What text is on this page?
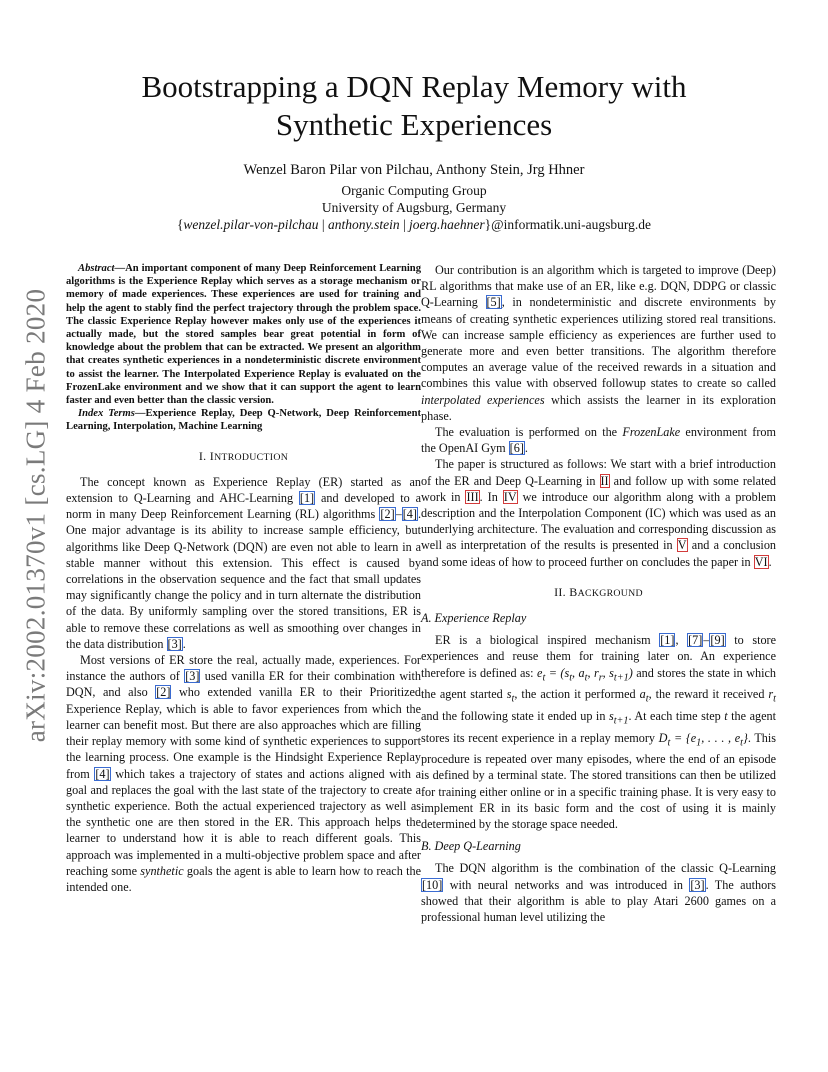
arXiv:2002.01370v1 [cs.LG] 4 Feb 2020
Bootstrapping a DQN Replay Memory with
Synthetic Experiences
Wenzel Baron Pilar von Pilchau, Anthony Stein, Jrg Hhner
Organic Computing Group
University of Augsburg, Germany
{wenzel.pilar-von-pilchau | anthony.stein | joerg.haehner}@informatik.uni-augsburg.de

Abstract—An important component of many Deep Reinforcement Learning algorithms is the Experience Replay which serves as a storage mechanism or memory of made experiences. These experiences are used for training and help the agent to stably find the perfect trajectory through the problem space. The classic Experience Replay however makes only use of the experiences it actually made, but the stored samples bear great potential in form of knowledge about the problem that can be extracted. We present an algorithm that creates synthetic experiences in a nondeterministic discrete environment to assist the learner. The Interpolated Experience Replay is evaluated on the FrozenLake environment and we show that it can support the agent to learn faster and even better than the classic version.

Index Terms—Experience Replay, Deep Q-Network, Deep Reinforcement Learning, Interpolation, Machine Learning

I. INTRODUCTION

The concept known as Experience Replay (ER) started as an extension to Q-Learning and AHC-Learning [1] and developed to a norm in many Deep Reinforcement Learning (RL) algorithms [2]–[4]. One major advantage is its ability to increase sample efficiency, but algorithms like Deep Q-Network (DQN) are even not able to learn in a stable manner without this extension. This effect is caused by correlations in the observation sequence and the fact that small updates may significantly change the policy and in turn alternate the distribution of the data. By uniformly sampling over the stored transitions, ER is able to remove these correlations as well as smoothing over changes in the data distribution [3].

Most versions of ER store the real, actually made, experiences. For instance the authors of [3] used vanilla ER for their combination with DQN, and also [2] who extended vanilla ER to their Prioritized Experience Replay, which is able to favor experiences from which the learner can benefit most. But there are also approaches which are filling their replay memory with some kind of synthetic experiences to support the learning process. One example is the Hindsight Experience Replay from [4] which takes a trajectory of states and actions aligned with a goal and replaces the goal with the last state of the trajectory to create a synthetic experience. Both the actual experienced trajectory as well as the synthetic one are then stored in the ER. This approach helps the learner to understand how it is able to reach different goals. This approach was implemented in a multi-objective problem space and after reaching some synthetic goals the agent is able to learn how to reach the intended one.

Our contribution is an algorithm which is targeted to improve (Deep) RL algorithms that make use of an ER, like e.g. DQN, DDPG or classic Q-Learning [5], in nondeterministic and discrete environments by means of creating synthetic experiences utilizing stored real transitions. We can increase sample efficiency as experiences are further used to generate more and even better transitions. The algorithm therefore computes an average value of the received rewards in a situation and combines this value with observed followup states to create so called interpolated experiences which assists the learner in its exploration phase.

The evaluation is performed on the FrozenLake environment from the OpenAI Gym [6].

The paper is structured as follows: We start with a brief introduction of the ER and Deep Q-Learning in II and follow up with some related work in III. In IV we introduce our algorithm along with a problem description and the Interpolation Component (IC) which was used as an underlying architecture. The evaluation and corresponding discussion as well as interpretation of the results is presented in V and a conclusion and some ideas of how to proceed further on concludes the paper in VI.

II. BACKGROUND
A. Experience Replay

ER is a biological inspired mechanism [1], [7]–[9] to store experiences and reuse them for training later on. An experience therefore is defined as: $e_t = (s_t$, $a_t$, $r_r$, $s_{t+1}$) and stores the state in which the agent started $s_t$, the action it performed $a_t$, the reward it received $r_t$ and the following state it ended up in $s_{t+1}$. At each time step t the agent stores its recent experience in a replay memory $D_t = \{e_1$, . . . , $e_t$}. This procedure is repeated over many episodes, where the end of an episode is defined by a terminal state. The stored transitions can then be utilized for training either online or in a specific training phase. It is very easy to implement ER in its basic form and the cost of using it is mainly determined by the storage space needed.

B. Deep Q-Learning

The DQN algorithm is the combination of the classic Q-Learning [10] with neural networks and was introduced in [3]. The authors showed that their algorithm is able to play Atari 2600 games on a professional human level utilizing the
